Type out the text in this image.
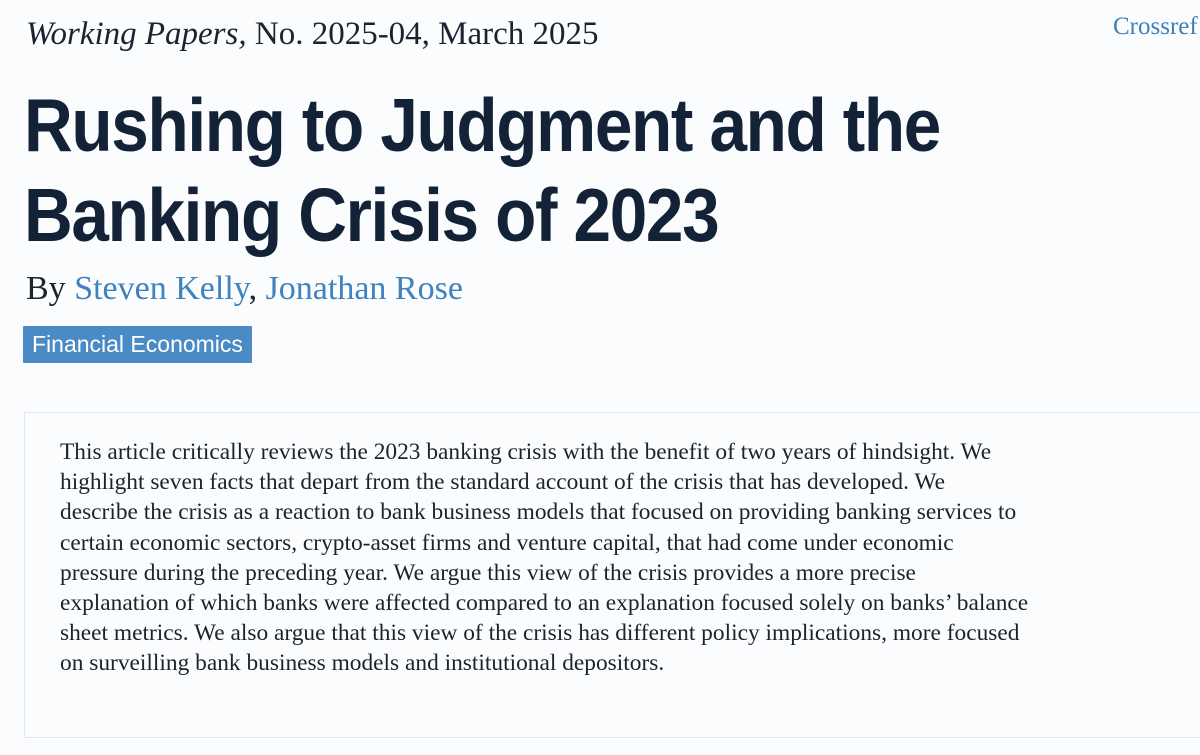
Working Papers, No. 2025-04, March 2025	Crossref
Rushing to Judgment and the
Banking Crisis of 2023
By Steven Kelly, Jonathan Rose
Financial Economics

This article critically reviews the 2023 banking crisis with the benefit of two years of hindsight. We
highlight seven facts that depart from the standard account of the crisis that has developed. We
describe the crisis as a reaction to bank business models that focused on providing banking services to
certain economic sectors, crypto-asset firms and venture capital, that had come under economic
pressure during the preceding year. We argue this view of the crisis provides a more precise
explanation of which banks were affected compared to an explanation focused solely on banks’ balance
sheet metrics. We also argue that this view of the crisis has different policy implications, more focused
on surveilling bank business models and institutional depositors.
